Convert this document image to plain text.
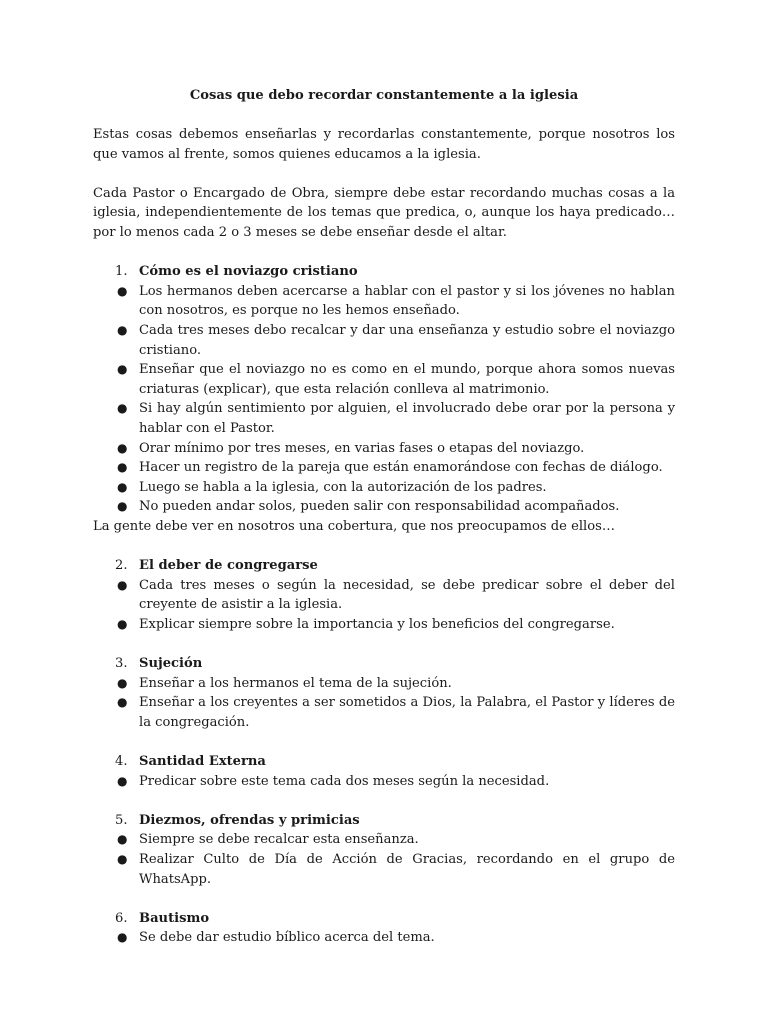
Cosas que debo recordar constantemente a la iglesia

Estas cosas debemos enseñarlas y recordarlas constantemente, porque nosotros los que vamos al frente, somos quienes educamos a la iglesia.

Cada Pastor o Encargado de Obra, siempre debe estar recordando muchas cosas a la iglesia, independientemente de los temas que predica, o, aunque los haya predicado… por lo menos cada 2 o 3 meses se debe enseñar desde el altar.

1. Cómo es el noviazgo cristiano
● Los hermanos deben acercarse a hablar con el pastor y si los jóvenes no hablan con nosotros, es porque no les hemos enseñado.
● Cada tres meses debo recalcar y dar una enseñanza y estudio sobre el noviazgo cristiano.
● Enseñar que el noviazgo no es como en el mundo, porque ahora somos nuevas criaturas (explicar), que esta relación conlleva al matrimonio.
● Si hay algún sentimiento por alguien, el involucrado debe orar por la persona y hablar con el Pastor.
● Orar mínimo por tres meses, en varias fases o etapas del noviazgo.
● Hacer un registro de la pareja que están enamorándose con fechas de diálogo.
● Luego se habla a la iglesia, con la autorización de los padres.
● No pueden andar solos, pueden salir con responsabilidad acompañados.

La gente debe ver en nosotros una cobertura, que nos preocupamos de ellos…

2. El deber de congregarse
● Cada tres meses o según la necesidad, se debe predicar sobre el deber del creyente de asistir a la iglesia.
● Explicar siempre sobre la importancia y los beneficios del congregarse.
3. Sujeción
● Enseñar a los hermanos el tema de la sujeción.
● Enseñar a los creyentes a ser sometidos a Dios, la Palabra, el Pastor y líderes de la congregación.
4. Santidad Externa
● Predicar sobre este tema cada dos meses según la necesidad.
5. Diezmos, ofrendas y primicias
● Siempre se debe recalcar esta enseñanza.
● Realizar Culto de Día de Acción de Gracias, recordando en el grupo de WhatsApp.
6. Bautismo
● Se debe dar estudio bíblico acerca del tema.
